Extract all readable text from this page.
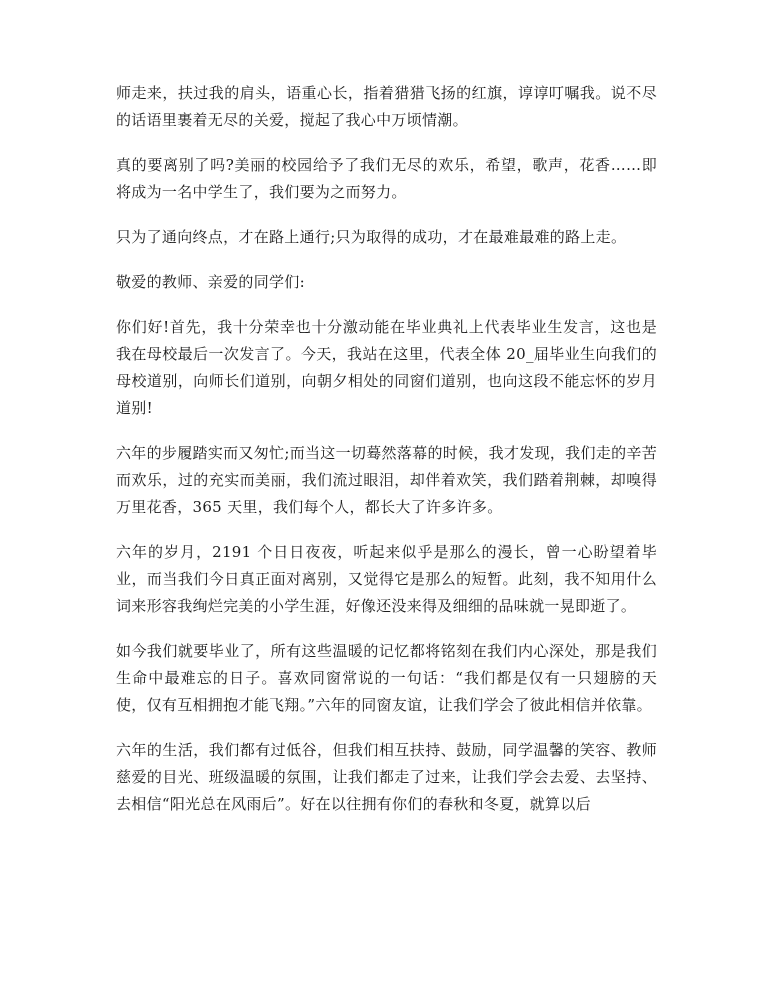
师走来，扶过我的肩头，语重心长，指着猎猎飞扬的红旗，谆谆叮嘱我。说不尽的话语里裹着无尽的关爱，搅起了我心中万顷情潮。

真的要离别了吗?美丽的校园给予了我们无尽的欢乐，希望，歌声，花香……即将成为一名中学生了，我们要为之而努力。

只为了通向终点，才在路上通行;只为取得的成功，才在最难最难的路上走。

敬爱的教师、亲爱的同学们:

你们好!首先，我十分荣幸也十分激动能在毕业典礼上代表毕业生发言，这也是我在母校最后一次发言了。今天，我站在这里，代表全体 20_届毕业生向我们的母校道别，向师长们道别，向朝夕相处的同窗们道别，也向这段不能忘怀的岁月道别!

六年的步履踏实而又匆忙;而当这一切蓦然落幕的时候，我才发现，我们走的辛苦而欢乐，过的充实而美丽，我们流过眼泪，却伴着欢笑，我们踏着荆棘，却嗅得万里花香，365 天里，我们每个人，都长大了许多许多。

六年的岁月，2191 个日日夜夜，听起来似乎是那么的漫长，曾一心盼望着毕业，而当我们今日真正面对离别，又觉得它是那么的短暂。此刻，我不知用什么词来形容我绚烂完美的小学生涯，好像还没来得及细细的品味就一晃即逝了。

如今我们就要毕业了，所有这些温暖的记忆都将铭刻在我们内心深处，那是我们生命中最难忘的日子。喜欢同窗常说的一句话：“我们都是仅有一只翅膀的天使，仅有互相拥抱才能飞翔。”六年的同窗友谊，让我们学会了彼此相信并依靠。

六年的生活，我们都有过低谷，但我们相互扶持、鼓励，同学温馨的笑容、教师慈爱的目光、班级温暖的氛围，让我们都走了过来，让我们学会去爱、去坚持、去相信“阳光总在风雨后”。好在以往拥有你们的春秋和冬夏，就算以后
